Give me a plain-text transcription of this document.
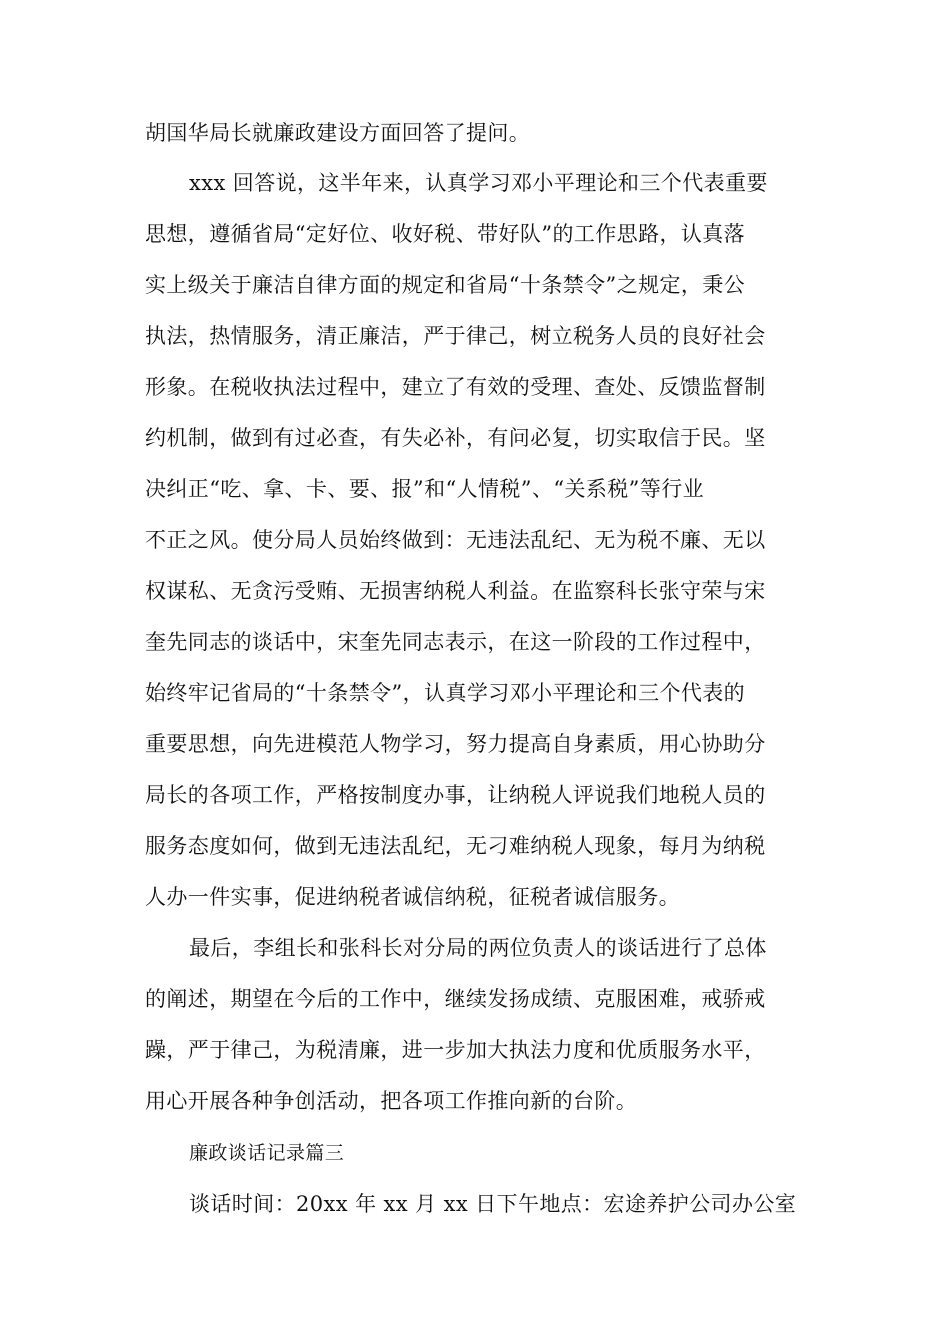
胡国华局长就廉政建设方面回答了提问。
xxx 回答说，这半年来，认真学习邓小平理论和三个代表重要
思想，遵循省局“定好位、收好税、带好队”的工作思路，认真落
实上级关于廉洁自律方面的规定和省局“十条禁令”之规定，秉公
执法，热情服务，清正廉洁，严于律己，树立税务人员的良好社会
形象。在税收执法过程中，建立了有效的受理、查处、反馈监督制
约机制，做到有过必查，有失必补，有问必复，切实取信于民。坚
决纠正“吃、拿、卡、要、报”和“人情税”、“关系税”等行业
不正之风。使分局人员始终做到：无违法乱纪、无为税不廉、无以
权谋私、无贪污受贿、无损害纳税人利益。在监察科长张守荣与宋
奎先同志的谈话中，宋奎先同志表示，在这一阶段的工作过程中，
始终牢记省局的“十条禁令”，认真学习邓小平理论和三个代表的
重要思想，向先进模范人物学习，努力提高自身素质，用心协助分
局长的各项工作，严格按制度办事，让纳税人评说我们地税人员的
服务态度如何，做到无违法乱纪，无刁难纳税人现象，每月为纳税
人办一件实事，促进纳税者诚信纳税，征税者诚信服务。
最后，李组长和张科长对分局的两位负责人的谈话进行了总体
的阐述，期望在今后的工作中，继续发扬成绩、克服困难，戒骄戒
躁，严于律己，为税清廉，进一步加大执法力度和优质服务水平，
用心开展各种争创活动，把各项工作推向新的台阶。
廉政谈话记录篇三
谈话时间：20xx 年 xx 月 xx 日下午地点：宏途养护公司办公室
